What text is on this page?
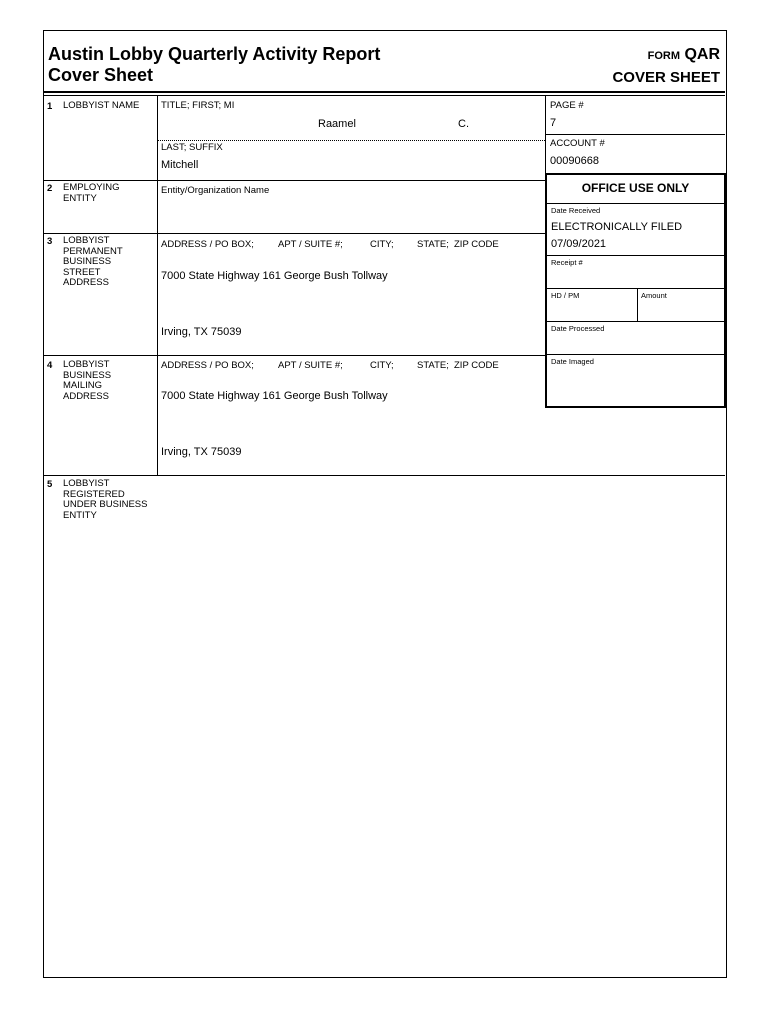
Austin Lobby Quarterly Activity Report
Cover Sheet
FORM QAR
COVER SHEET
1 LOBBYIST NAME TITLE; FIRST; MI
Raamel	C.
LAST; SUFFIX
Mitchell
PAGE #
7
ACCOUNT #
00090668
2 EMPLOYING
ENTITY
Entity/Organization Name
3 LOBBYIST
PERMANENT
BUSINESS
STREET
ADDRESS
ADDRESS / PO BOX;	APT / SUITE #;	CITY; STATE; ZIP CODE
7000 State Highway 161 George Bush Tollway
Irving, TX 75039
4 LOBBYIST
BUSINESS
MAILING
ADDRESS
ADDRESS / PO BOX;	APT / SUITE #;	CITY; STATE; ZIP CODE
7000 State Highway 161 George Bush Tollway
Irving, TX 75039
5 LOBBYIST
REGISTERED
UNDER BUSINESS
ENTITY
OFFICE USE ONLY
Date Received
ELECTRONICALLY FILED
07/09/2021
Receipt #
HD / PM	Amount
Date Processed
Date Imaged
